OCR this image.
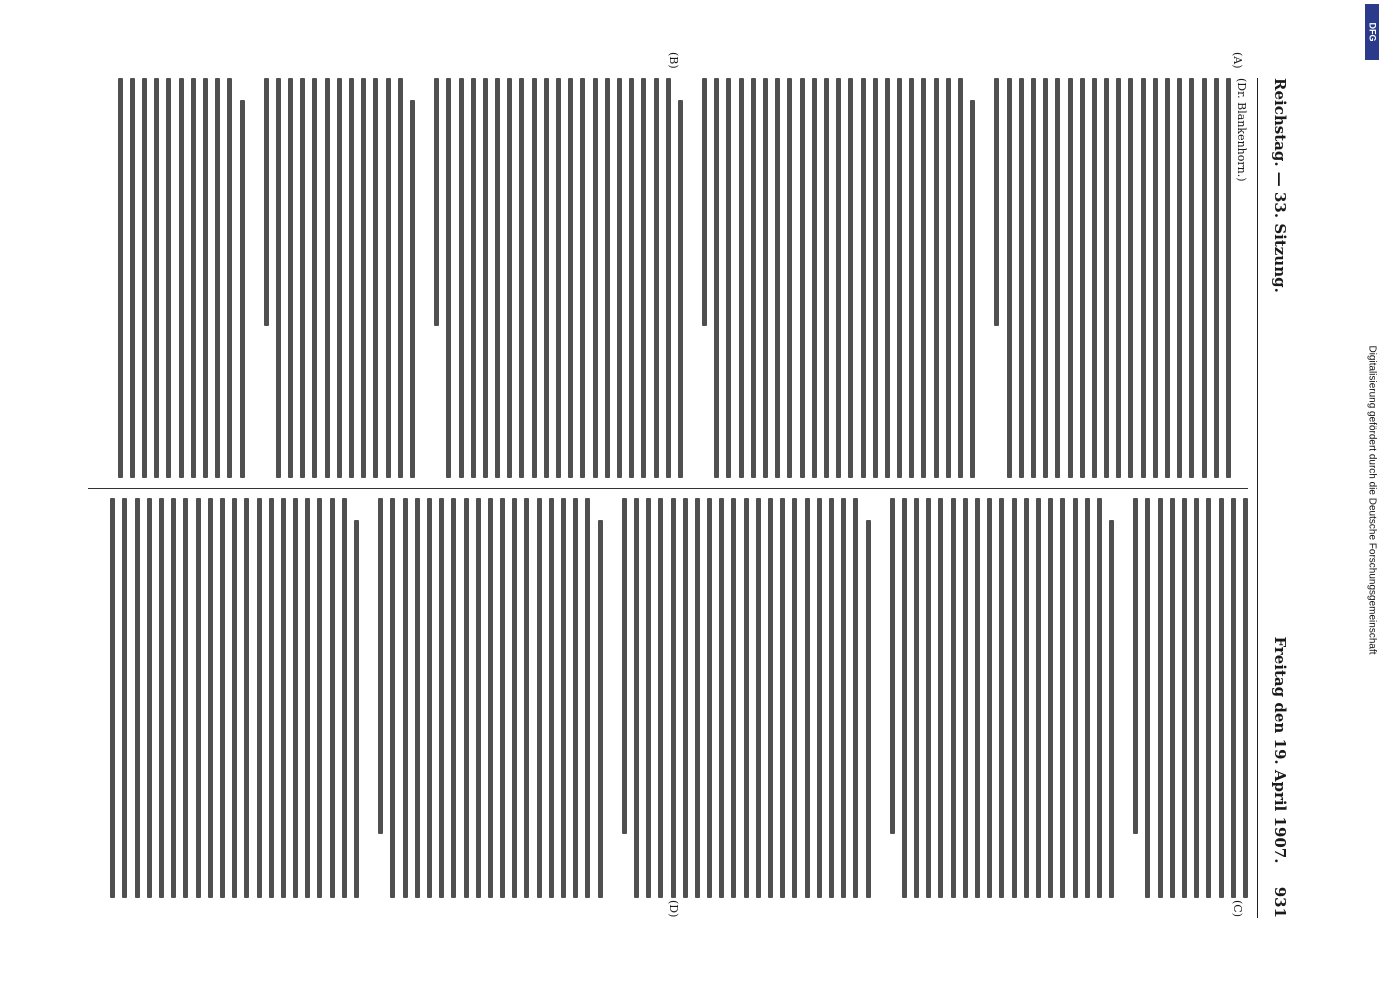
Reichstag. — 33. Sitzung.
Freitag den 19. April 1907. 931
(Dr. Blankenhorn.)
(A)
(B)
(C)
(D)
DFG
Digitalisierung gefördert durch die Deutsche Forschungsgemeinschaft
